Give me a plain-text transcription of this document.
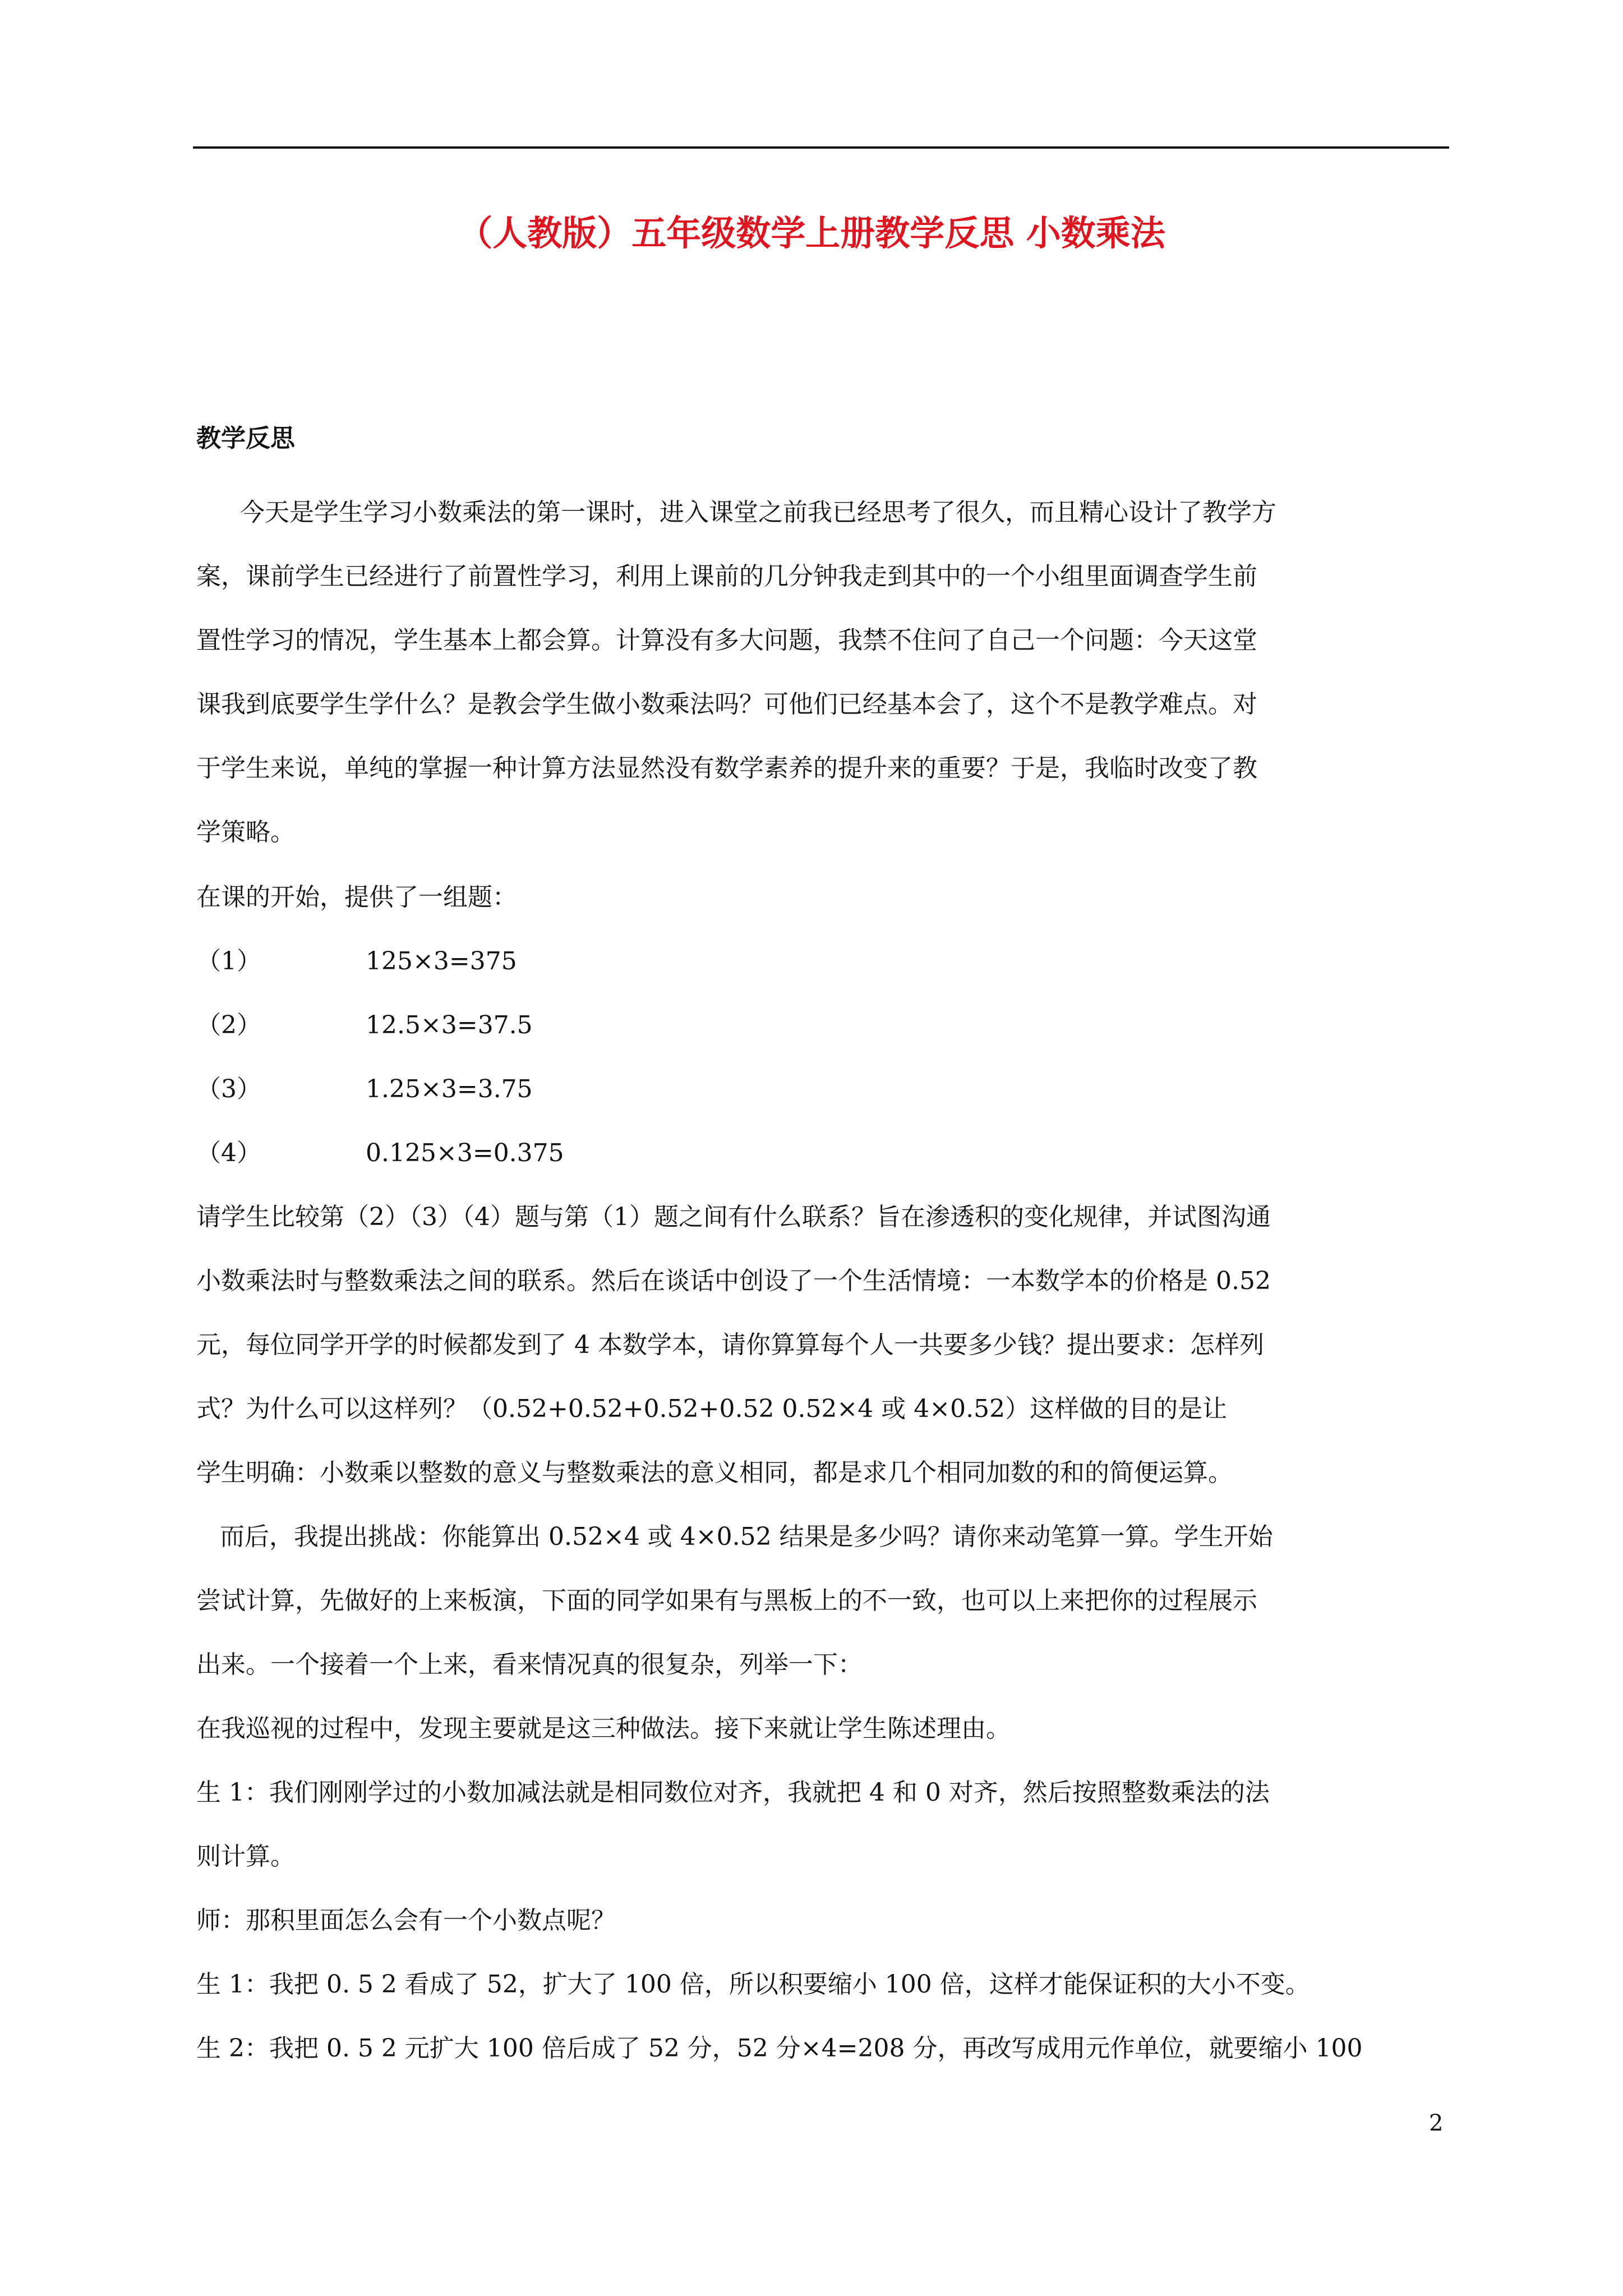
（人教版）五年级数学上册教学反思 小数乘法
教学反思
今天是学生学习小数乘法的第一课时，进入课堂之前我已经思考了很久，而且精心设计了教学方
案，课前学生已经进行了前置性学习，利用上课前的几分钟我走到其中的一个小组里面调查学生前
置性学习的情况，学生基本上都会算。计算没有多大问题，我禁不住问了自己一个问题：今天这堂
课我到底要学生学什么？是教会学生做小数乘法吗？可他们已经基本会了，这个不是教学难点。对
于学生来说，单纯的掌握一种计算方法显然没有数学素养的提升来的重要？于是，我临时改变了教
学策略。
在课的开始，提供了一组题：
（1）	125×3=375
（2）	12.5×3=37.5
（3）	1.25×3=3.75
（4）	0.125×3=0.375
请学生比较第（2）（3）（4）题与第（1）题之间有什么联系？旨在渗透积的变化规律，并试图沟通
小数乘法时与整数乘法之间的联系。然后在谈话中创设了一个生活情境：一本数学本的价格是 0.52
元，每位同学开学的时候都发到了 4 本数学本，请你算算每个人一共要多少钱？提出要求：怎样列
式？为什么可以这样列？（0.52+0.52+0.52+0.52 0.52×4 或 4×0.52）这样做的目的是让
学生明确：小数乘以整数的意义与整数乘法的意义相同，都是求几个相同加数的和的简便运算。
而后，我提出挑战：你能算出 0.52×4 或 4×0.52 结果是多少吗？请你来动笔算一算。学生开始
尝试计算，先做好的上来板演，下面的同学如果有与黑板上的不一致，也可以上来把你的过程展示
出来。一个接着一个上来，看来情况真的很复杂，列举一下：
在我巡视的过程中，发现主要就是这三种做法。接下来就让学生陈述理由。
生 1：我们刚刚学过的小数加减法就是相同数位对齐，我就把 4 和 0 对齐，然后按照整数乘法的法
则计算。
师：那积里面怎么会有一个小数点呢？
生 1：我把 0. 5 2 看成了 52，扩大了 100 倍，所以积要缩小 100 倍，这样才能保证积的大小不变。
生 2：我把 0. 5 2 元扩大 100 倍后成了 52 分，52 分×4=208 分，再改写成用元作单位，就要缩小 100
2
